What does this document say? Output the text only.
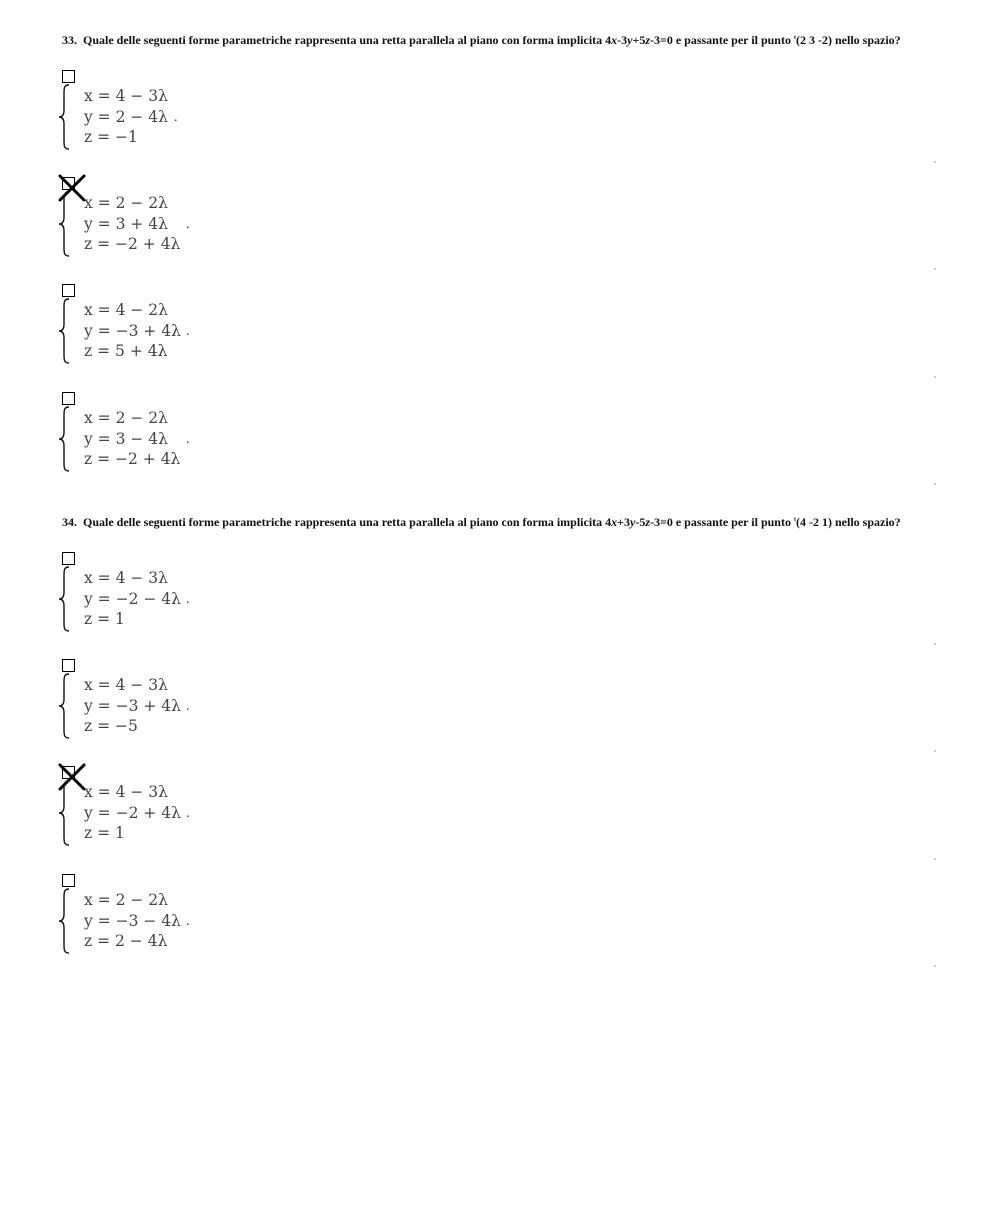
33. Quale delle seguenti forme parametriche rappresenta una retta parallela al piano con forma implicita 4x-3y+5z-3=0 e passante per il punto $^t$(2 3 -2) nello spazio?

x = 4 − 3λ
y = 2 − 4λ
z = −1
.
x = 2 − 2λ
y = 3 + 4λ
z = −2 + 4λ
.
x = 4 − 2λ
y = −3 + 4λ
z = 5 + 4λ
.
x = 2 − 2λ
y = 3 − 4λ
z = −2 + 4λ
.

34. Quale delle seguenti forme parametriche rappresenta una retta parallela al piano con forma implicita 4x+3y-5z-3=0 e passante per il punto $^t$(4 -2 1) nello spazio?

x = 4 − 3λ
y = −2 − 4λ
z = 1
.
x = 4 − 3λ
y = −3 + 4λ
z = −5
.
x = 4 − 3λ
y = −2 + 4λ
z = 1
.
x = 2 − 2λ
y = −3 − 4λ
z = 2 − 4λ
.
